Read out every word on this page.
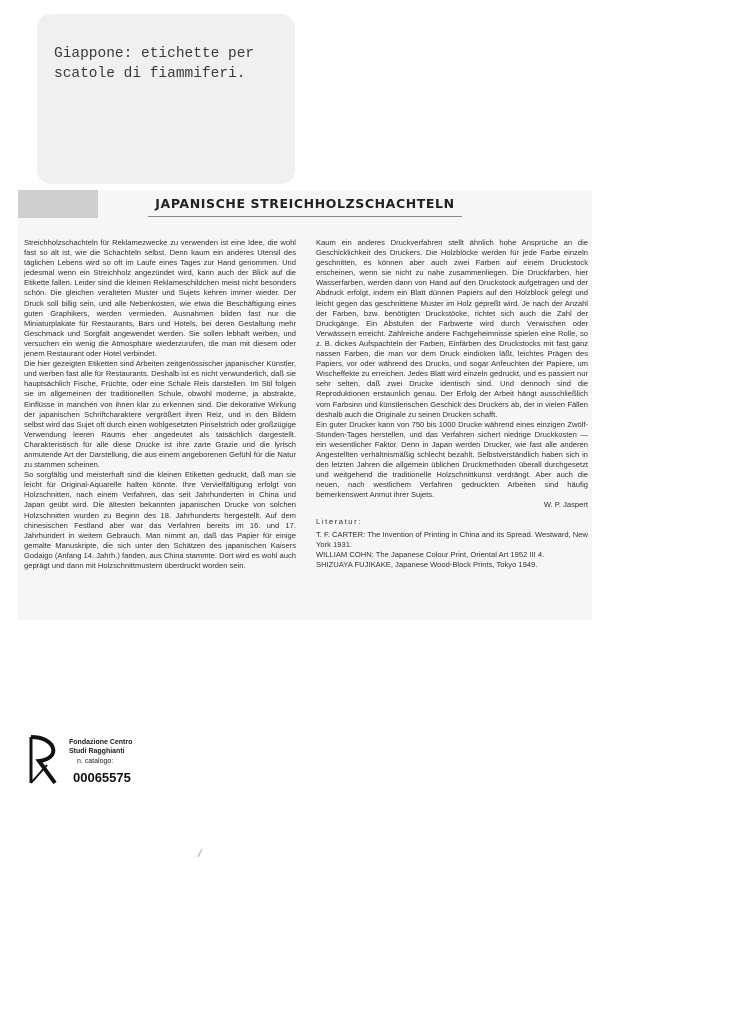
Giappone: etichette per
scatole di fiammiferi.
JAPANISCHE STREICHHOLZSCHACHTELN

Streichholzschachteln für Reklamezwecke zu verwenden ist eine Idee, die wohl fast so alt ist, wie die Schachteln selbst. Denn kaum ein anderes Utensil des täglichen Lebens wird so oft im Laufe eines Tages zur Hand genommen. Und jedesmal wenn ein Streichholz angezündet wird, kann auch der Blick auf die Etikette fallen. Leider sind die kleinen Reklameschildchen meist nicht besonders schön. Die gleichen veralteten Muster und Sujets kehren immer wieder. Der Druck soll billig sein, und alle Nebenkosten, wie etwa die Beschäftigung eines guten Graphikers, werden vermieden. Ausnahmen bilden fast nur die Miniaturplakate für Restaurants, Bars und Hotels, bei deren Gestaltung mehr Geschmack und Sorgfalt angewendet werden. Sie sollen lebhaft werben, und versuchen ein wenig die Atmosphäre wiederzurufen, die man mit diesem oder jenem Restaurant oder Hotel verbindet.

Die hier gezeigten Etiketten sind Arbeiten zeitgenössischer japanischer Künstler, und werben fast alle für Restaurants. Deshalb ist es nicht verwunderlich, daß sie hauptsächlich Fische, Früchte, oder eine Schale Reis darstellen. Im Stil folgen sie im allgemeinen der traditionellen Schule, obwohl moderne, ja abstrakte, Einflüsse in manchen von ihnen klar zu erkennen sind. Die dekorative Wirkung der japanischen Schriftcharaktere vergrößert ihren Reiz, und in den Bildern selbst wird das Sujet oft durch einen wohlgesetzten Pinselstrich oder großzügige Verwendung leeren Raums eher angedeutet als tatsächlich dargestellt. Charakteristisch für alle diese Drucke ist ihre zarte Grazie und die lyrisch anmutende Art der Darstellung, die aus einem angeborenen Gefühl für die Natur zu stammen scheinen.

So sorgfältig und meisterhaft sind die kleinen Etiketten gedruckt, daß man sie leicht für Original-Aquarelle halten könnte. Ihre Vervielfältigung erfolgt von Holzschnitten, nach einem Verfahren, das seit Jahrhunderten in China und Japan geübt wird. Die ältesten bekannten japanischen Drucke von solchen Holzschnitten wurden zu Beginn des 18. Jahrhunderts hergestellt. Auf dem chinesischen Festland aber war das Verfahren bereits im 16. und 17. Jahrhundert in weitem Gebrauch. Man nimmt an, daß das Papier für einige gemalte Manuskripte, die sich unter den Schätzen des japanischen Kaisers Godaigo (Anfang 14. Jahrh.) fanden, aus China stammte. Dort wird es wohl auch geprägt und dann mit Holzschnittmustern überdruckt worden sein.

Kaum ein anderes Druckverfahren stellt ähnlich hohe Ansprüche an die Geschicklichkeit des Druckers. Die Holzblöcke werden für jede Farbe einzeln geschnitten, es können aber auch zwei Farben auf einem Druckstock erscheinen, wenn sie nicht zu nahe zusammenliegen. Die Druckfarben, hier Wasserfarben, werden dann von Hand auf den Druckstock aufgetragen und der Abdruck erfolgt, indem ein Blatt dünnen Papiers auf den Holzblock gelegt und leicht gegen das geschnittene Muster im Holz gepreßt wird. Je nach der Anzahl der Farben, bzw. benötigten Druckstöcke, richtet sich auch die Zahl der Druckgänge. Ein Abstufen der Farbwerte wird durch Verwischen oder Verwässern erreicht. Zahlreiche andere Fachgeheimnisse spielen eine Rolle, so z. B. dickes Aufspachteln der Farben, Einfärben des Druckstocks mit fast ganz nassen Farben, die man vor dem Druck eindicken läßt, leichtes Prägen des Papiers, vor oder während des Drucks, und sogar Anfeuchten der Papiere, um Wischeffekte zu erreichen. Jedes Blatt wird einzeln gedruckt, und es passiert nur sehr selten, daß zwei Drucke identisch sind. Und dennoch sind die Reproduktionen erstaunlich genau. Der Erfolg der Arbeit hängt ausschließlich vom Farbsinn und künstlerischen Geschick des Druckers ab, der in vielen Fällen deshalb auch die Originale zu seinen Drucken schafft.

Ein guter Drucker kann von 750 bis 1000 Drucke während eines einzigen Zwölf-Stunden-Tages herstellen, und das Verfahren sichert niedrige Druckkosten — ein wesentlicher Faktor. Denn in Japan werden Drucker, wie fast alle anderen Angestellten verhältnismäßig schlecht bezahlt. Selbstverständlich haben sich in den letzten Jahren die allgemein üblichen Druckmethoden überall durchgesetzt und weitgehend die traditionelle Holzschnittkunst verdrängt. Aber auch die neuen, nach westlichem Verfahren gedruckten Arbeiten sind häufig bemerkenswert Anmut ihrer Sujets.

W. P. Jaspert

Literatur:

T. F. CARTER: The Invention of Printing in China and its Spread. Westward, New York 1931.

WILLIAM COHN: The Japanese Colour Print, Oriental Art 1952 III 4.

SHIZUAYA FUJIKAKE, Japanese Wood-Block Prints, Tokyo 1949.

Fondazione Centro
Studi Ragghianti
n. catalogo:
00065575
